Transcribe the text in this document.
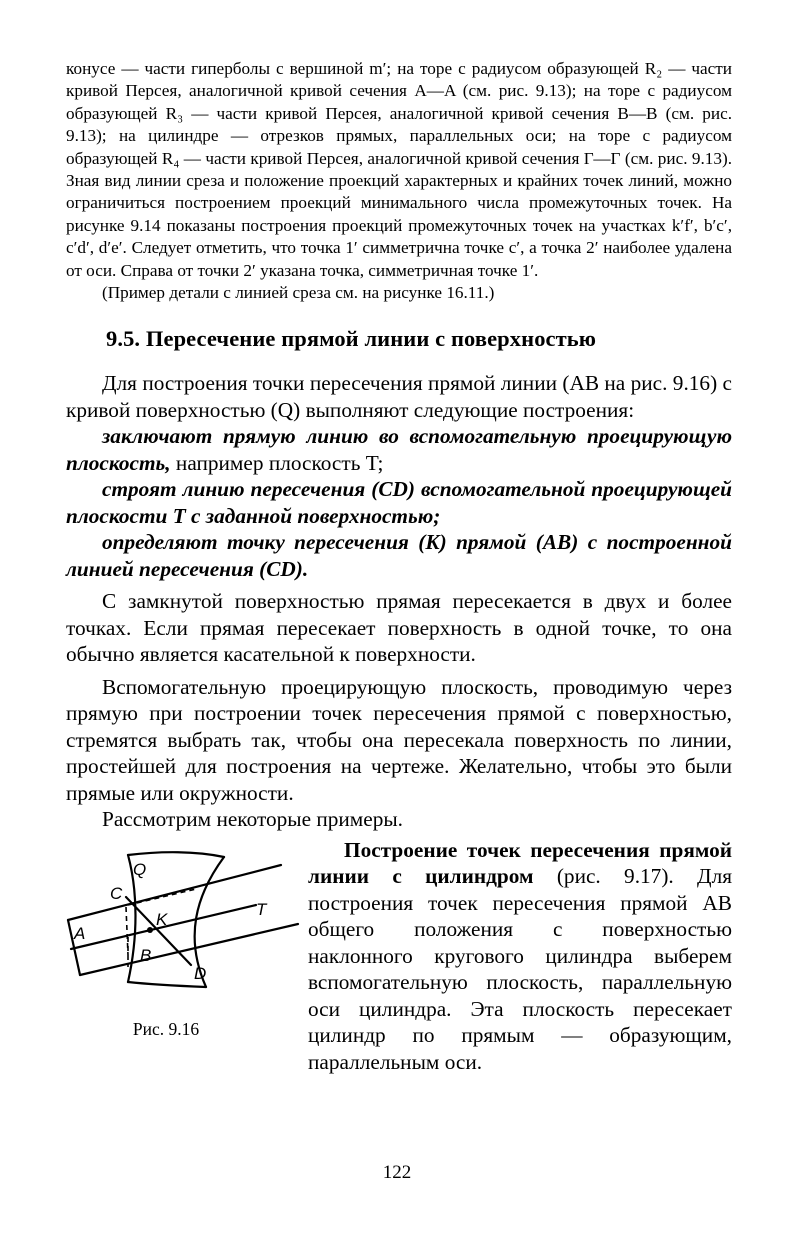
конусе — части гиперболы с вершиной m′; на торе с радиусом образующей R₂ — части кривой Персея, аналогичной кривой сечения A—A (см. рис. 9.13); на торе с радиусом образующей R₃ — части кривой Персея, аналогичной кривой сечения B—B (см. рис. 9.13); на цилиндре — отрезков прямых, параллельных оси; на торе с радиусом образующей R₄ — части кривой Персея, аналогичной кривой сечения Г—Г (см. рис. 9.13). Зная вид линии среза и положение проекций характерных и крайних точек линий, можно ограничиться построением проекций минимального числа промежуточных точек. На рисунке 9.14 показаны построения проекций промежуточных точек на участках k′f′, b′c′, c′d′, d′e′. Следует отметить, что точка 1′ симметрична точке c′, а точка 2′ наиболее удалена от оси. Справа от точки 2′ указана точка, симметричная точке 1′.

(Пример детали с линией среза см. на рисунке 16.11.)

9.5. Пересечение прямой линии с поверхностью

Для построения точки пересечения прямой линии (AB на рис. 9.16) с кривой поверхностью (Q) выполняют следующие построения:

заключают прямую линию во вспомогательную проецирующую плоскость, например плоскость T;

строят линию пересечения (CD) вспомогательной проецирующей плоскости T с заданной поверхностью;

определяют точку пересечения (K) прямой (AB) с построенной линией пересечения (CD).

С замкнутой поверхностью прямая пересекается в двух и более точках. Если прямая пересекает поверхность в одной точке, то она обычно является касательной к поверхности.

Вспомогательную проецирующую плоскость, проводимую через прямую при построении точек пересечения прямой с поверхностью, стремятся выбрать так, чтобы она пересекала поверхность по линии, простейшей для построения на чертеже. Желательно, чтобы это были прямые или окружности.

Рассмотрим некоторые примеры.

Q
C
K
A
B
T
D
Рис. 9.16

Построение точек пересечения прямой линии с цилиндром (рис. 9.17). Для построения точек пересечения прямой AB общего положения с поверхностью наклонного кругового цилиндра выберем вспомогательную плоскость, параллельную оси цилиндра. Эта плоскость пересекает цилиндр по прямым — образующим, параллельным оси.

122
